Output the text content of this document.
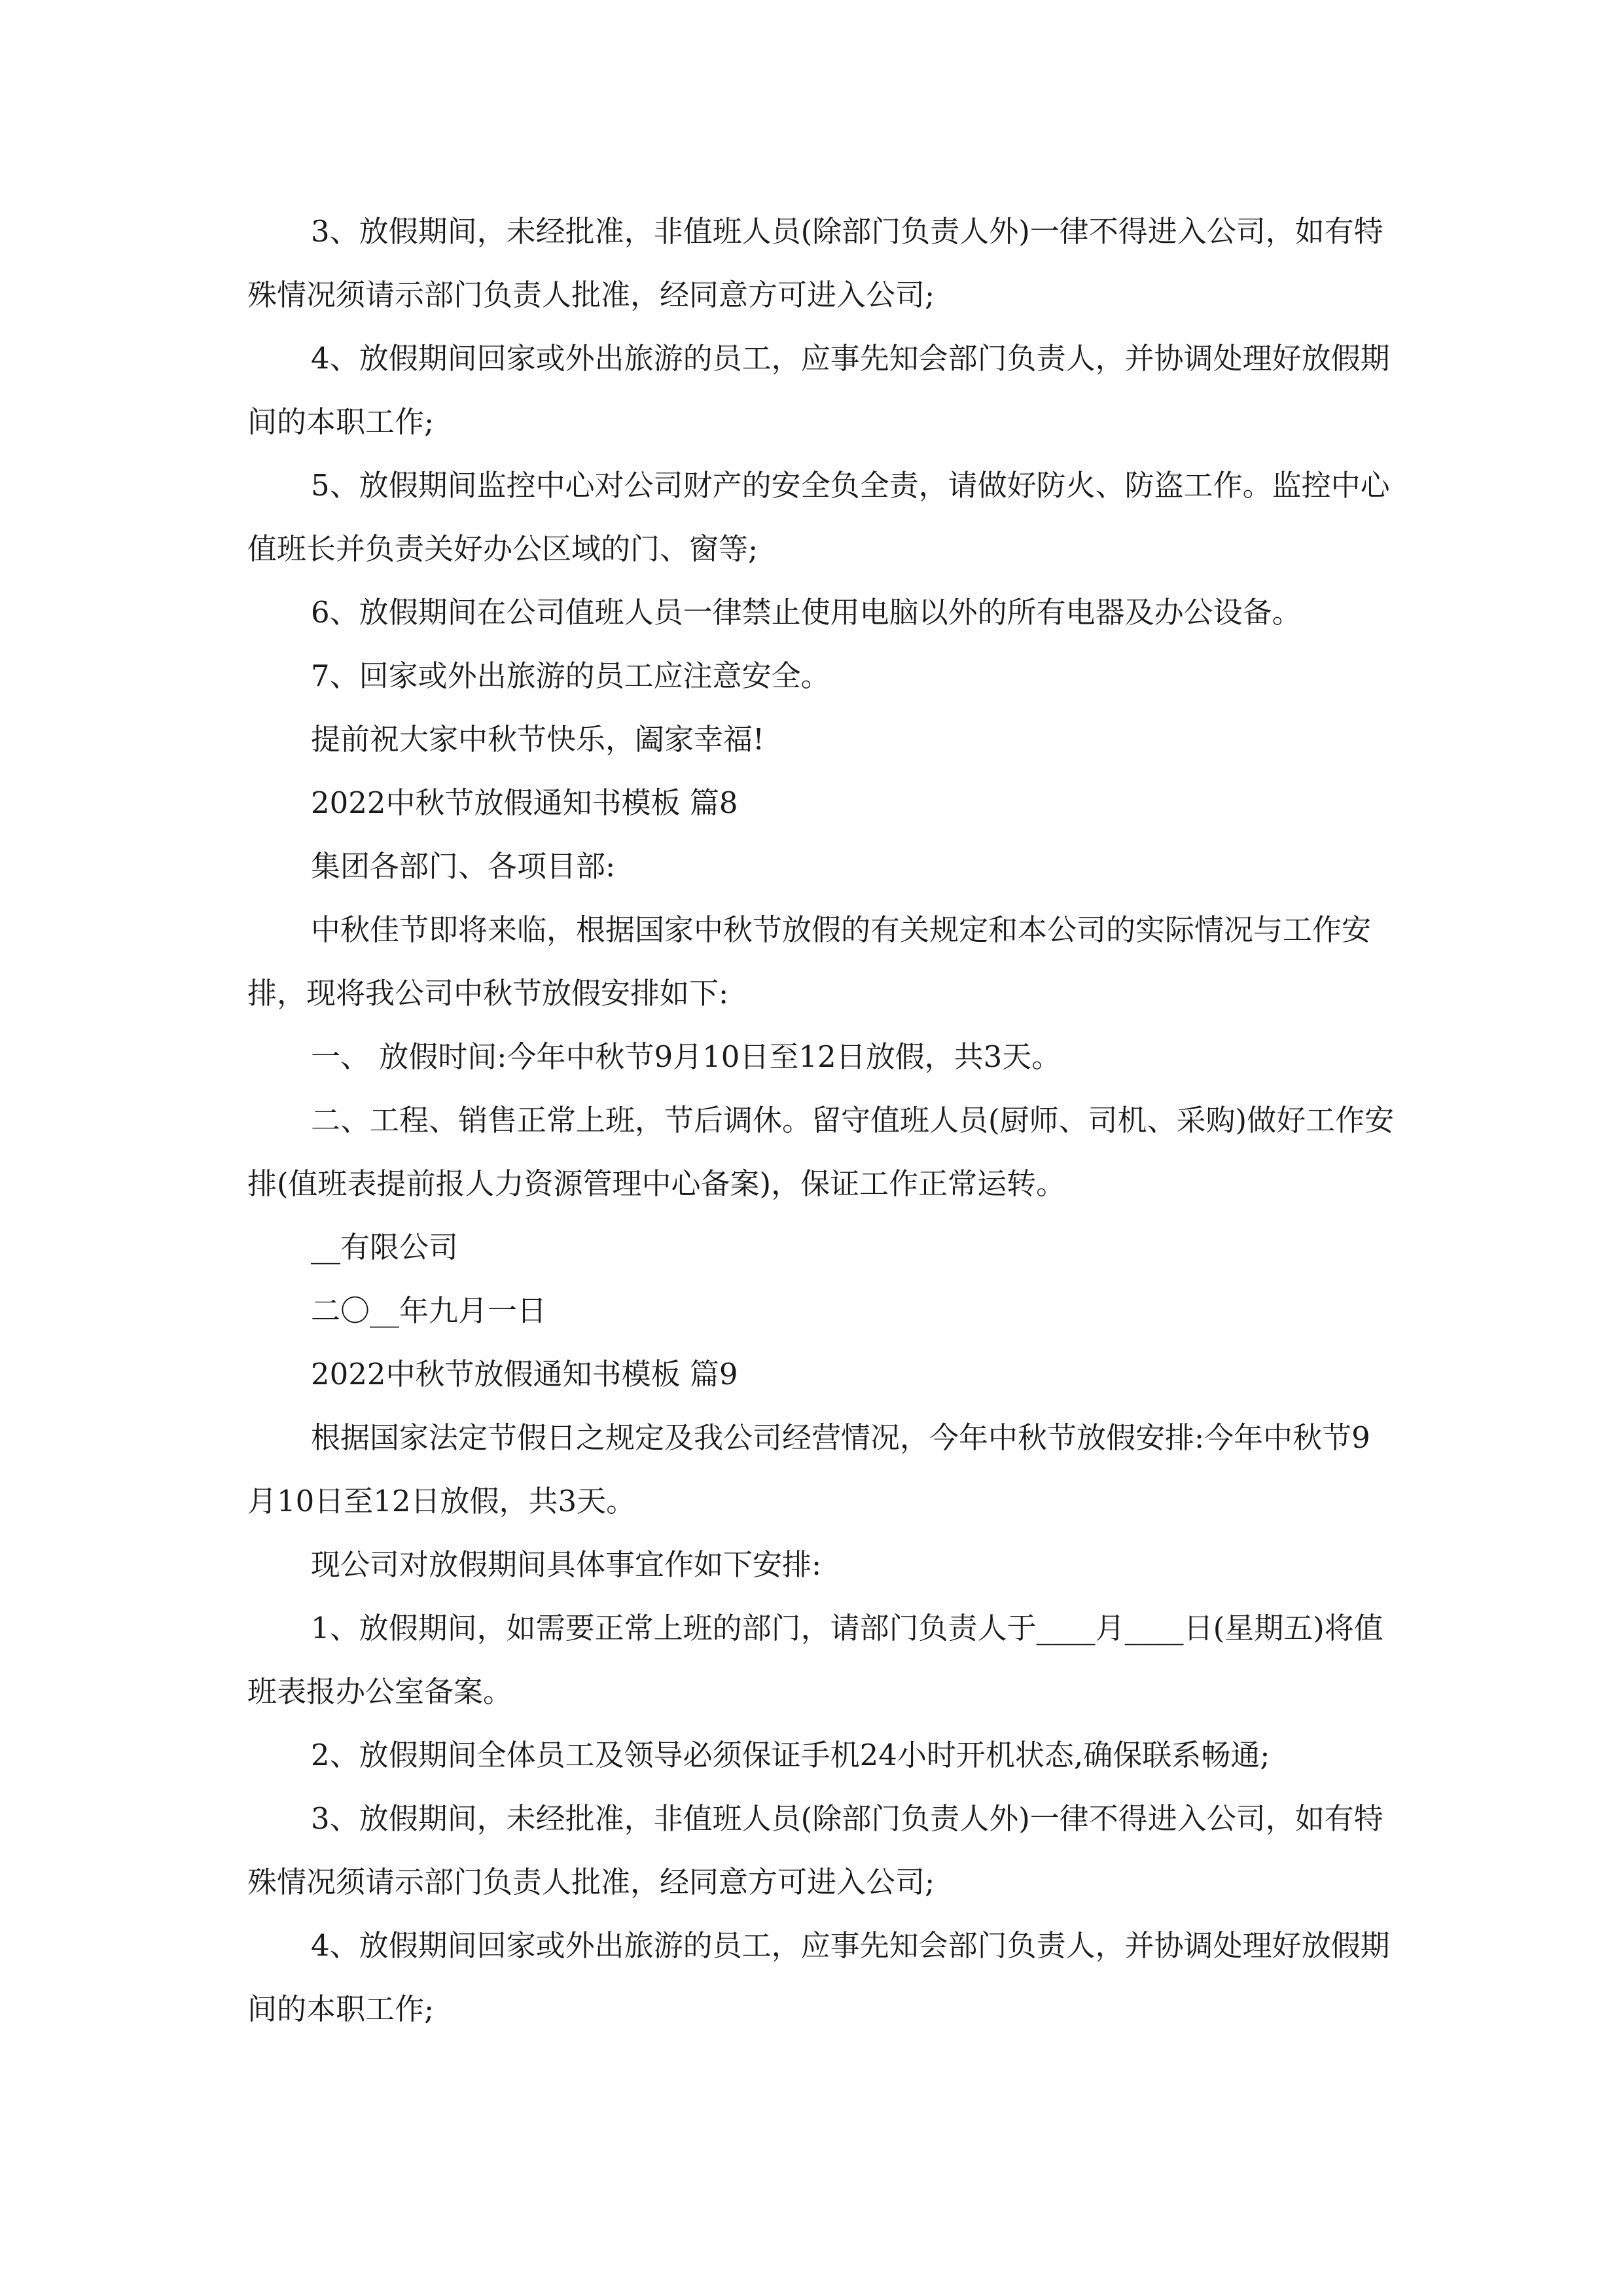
3、放假期间，未经批准，非值班人员(除部门负责人外)一律不得进入公司，如有特殊情况须请示部门负责人批准，经同意方可进入公司;

4、放假期间回家或外出旅游的员工，应事先知会部门负责人，并协调处理好放假期间的本职工作;

5、放假期间监控中心对公司财产的安全负全责，请做好防火、防盗工作。监控中心值班长并负责关好办公区域的门、窗等;

6、放假期间在公司值班人员一律禁止使用电脑以外的所有电器及办公设备。

7、回家或外出旅游的员工应注意安全。

提前祝大家中秋节快乐，阖家幸福!

2022中秋节放假通知书模板 篇8

集团各部门、各项目部:

中秋佳节即将来临，根据国家中秋节放假的有关规定和本公司的实际情况与工作安排，现将我公司中秋节放假安排如下:

一、 放假时间:今年中秋节9月10日至12日放假，共3天。

二、工程、销售正常上班，节后调休。留守值班人员(厨师、司机、采购)做好工作安排(值班表提前报人力资源管理中心备案)，保证工作正常运转。

__有限公司

二〇__年九月一日

2022中秋节放假通知书模板 篇9

根据国家法定节假日之规定及我公司经营情况，今年中秋节放假安排:今年中秋节9月10日至12日放假，共3天。

现公司对放假期间具体事宜作如下安排:

1、放假期间，如需要正常上班的部门，请部门负责人于____月____日(星期五)将值班表报办公室备案。

2、放假期间全体员工及领导必须保证手机24小时开机状态,确保联系畅通;

3、放假期间，未经批准，非值班人员(除部门负责人外)一律不得进入公司，如有特殊情况须请示部门负责人批准，经同意方可进入公司;

4、放假期间回家或外出旅游的员工，应事先知会部门负责人，并协调处理好放假期间的本职工作;
